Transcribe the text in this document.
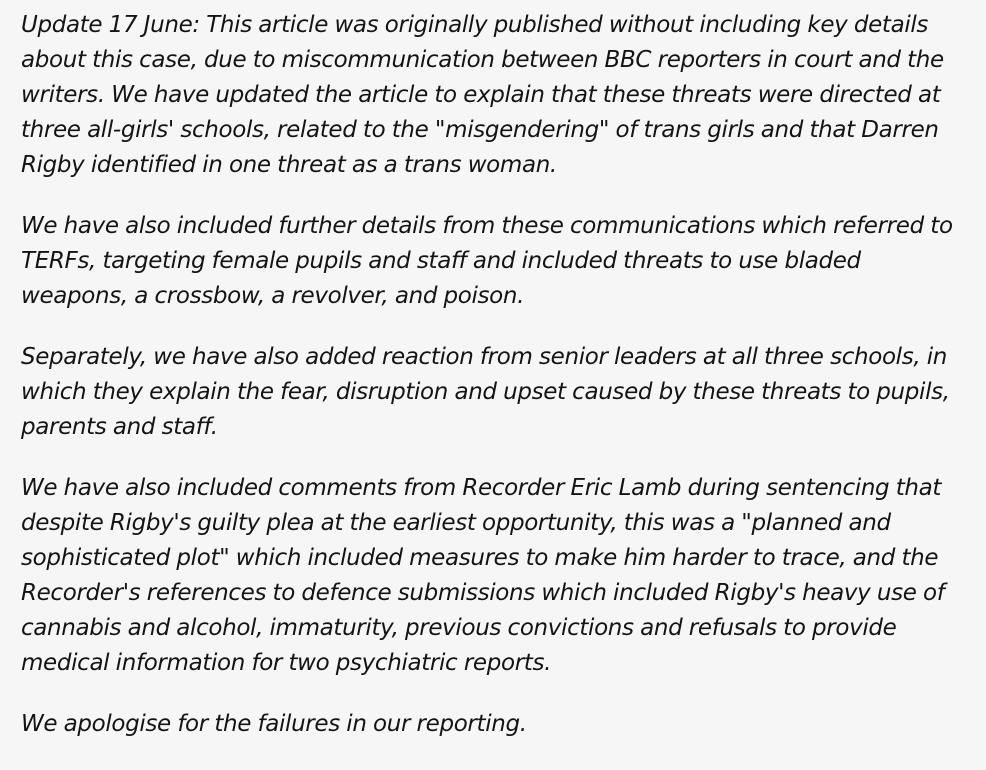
Update 17 June: This article was originally published without including key details about this case, due to miscommunication between BBC reporters in court and the writers. We have updated the article to explain that these threats were directed at three all-girls' schools, related to the "misgendering" of trans girls and that Darren Rigby identified in one threat as a trans woman.

We have also included further details from these communications which referred to TERFs, targeting female pupils and staff and included threats to use bladed weapons, a crossbow, a revolver, and poison.

Separately, we have also added reaction from senior leaders at all three schools, in which they explain the fear, disruption and upset caused by these threats to pupils, parents and staff.

We have also included comments from Recorder Eric Lamb during sentencing that despite Rigby's guilty plea at the earliest opportunity, this was a "planned and sophisticated plot" which included measures to make him harder to trace, and the Recorder's references to defence submissions which included Rigby's heavy use of cannabis and alcohol, immaturity, previous convictions and refusals to provide medical information for two psychiatric reports.

We apologise for the failures in our reporting.
